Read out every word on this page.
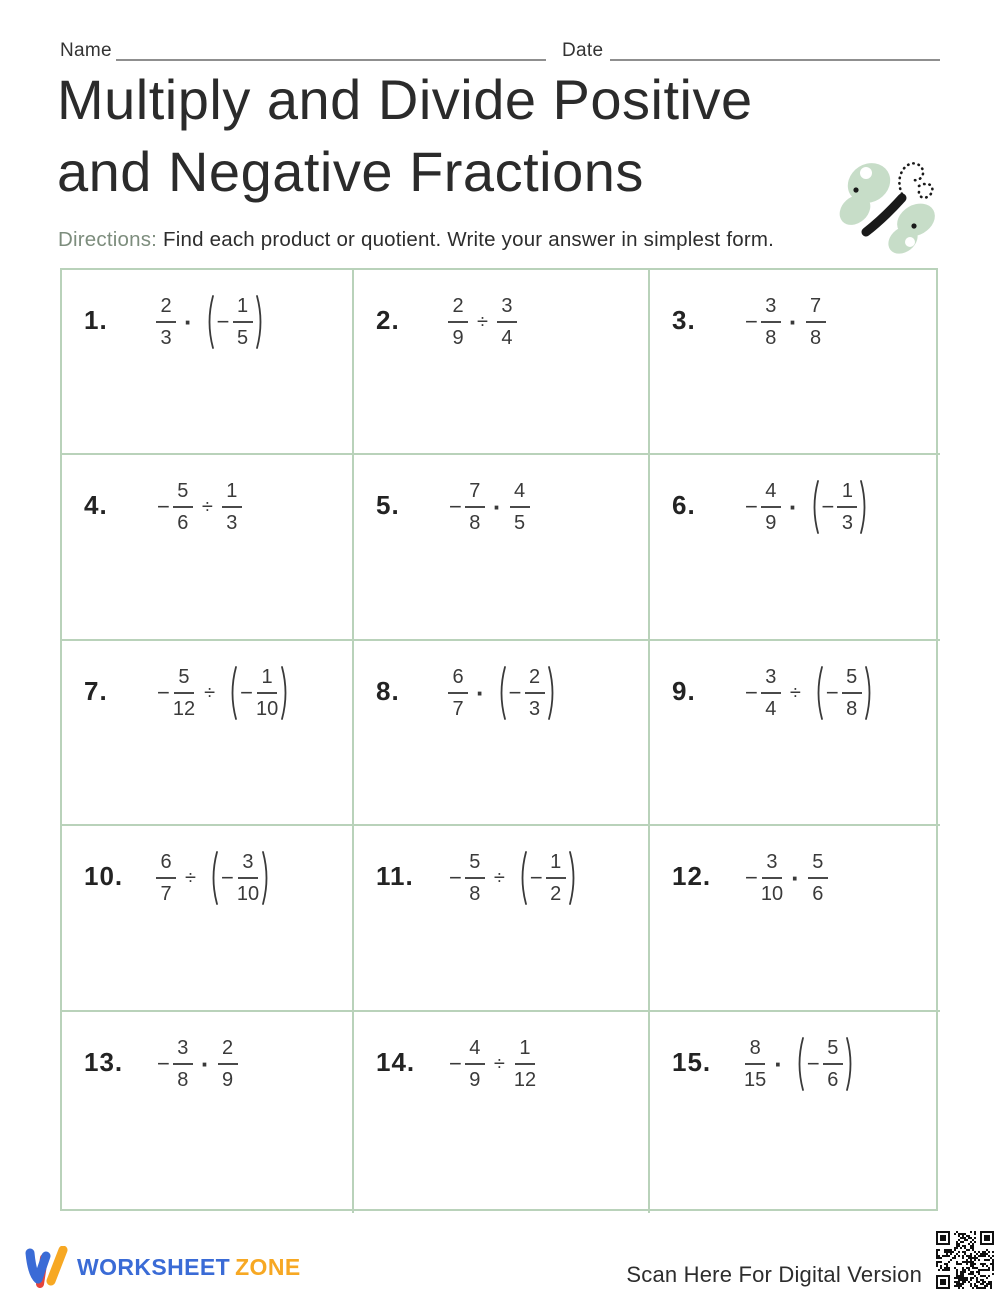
Name	Date
Multiply and Divide Positive
and Negative Fractions
Directions: Find each product or quotient. Write your answer in simplest form.
1.	$\frac{2}{3}$ · − $\frac{1}{5}$	2.	$\frac{2}{9} \div \frac{3}{4}$	3.	− $\frac{3}{8} \cdot \frac{7}{8}$
4.	− $\frac{5}{6} \div \frac{1}{3}$	5.	− $\frac{7}{8} \cdot \frac{4}{5}$	6.	− $\frac{4}{9}$ · − $\frac{1}{3}$
7.	− $\frac{5}{12}$ ÷ − $\frac{1}{10}$	8.	$\frac{6}{7}$ · − $\frac{2}{3}$	9.	− $\frac{3}{4}$ ÷ − $\frac{5}{8}$
10.	$\frac{6}{7}$ ÷ − $\frac{3}{10}$	11.	− $\frac{5}{8}$ ÷ − $\frac{1}{2}$	12.	− $\frac{3}{10} \cdot \frac{5}{6}$
13.	− $\frac{3}{8} \cdot \frac{2}{9}$	14.	− $\frac{4}{9} \div \frac{1}{12}$	15.	$\frac{8}{15}$ · − $\frac{5}{6}$
WORKSHEET ZONE	Scan Here For Digital Version
